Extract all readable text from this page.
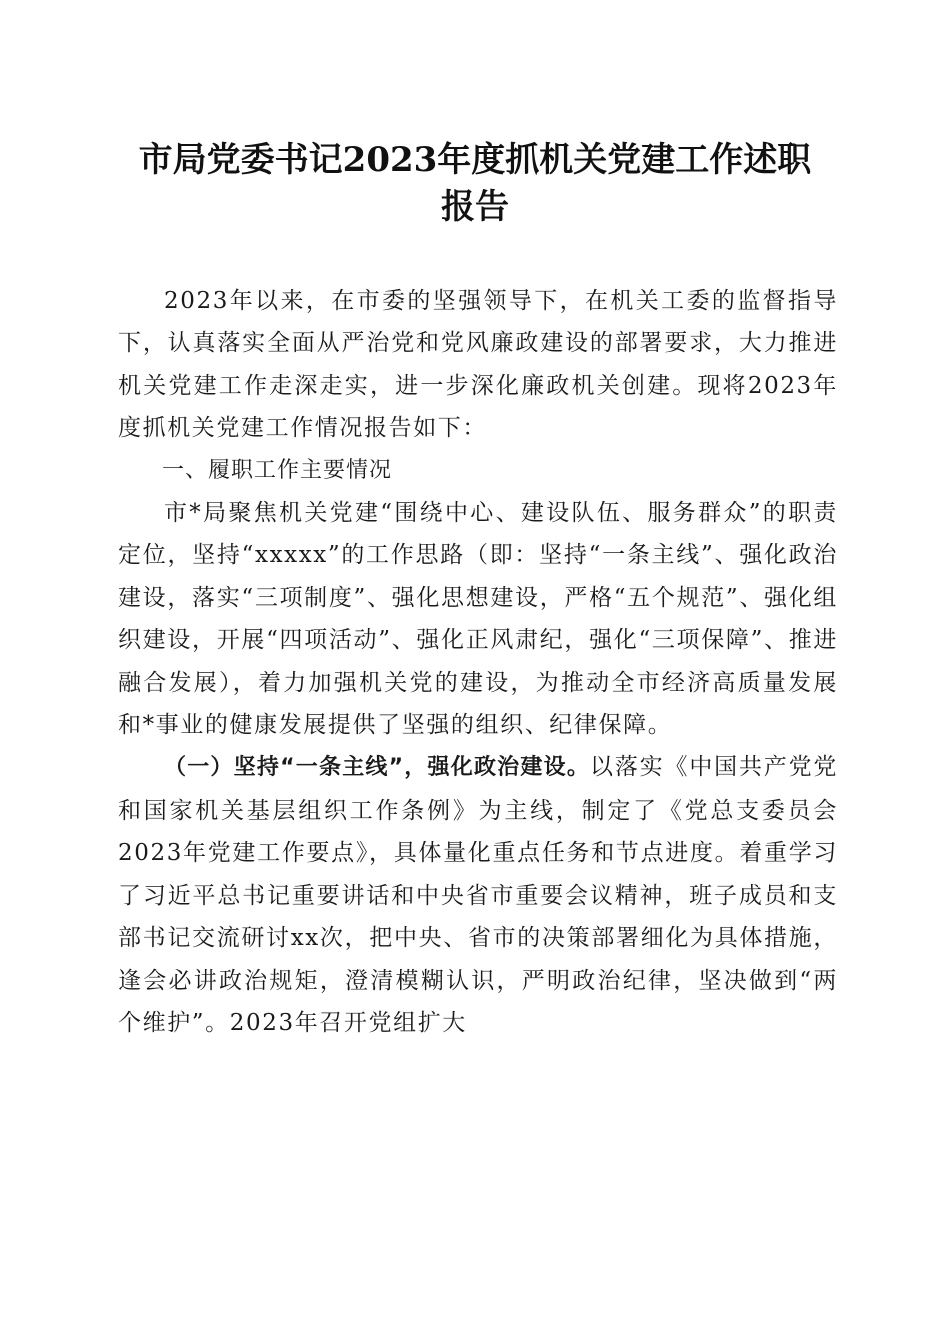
市局党委书记2023年度抓机关党建工作述职
报告

2023年以来，在市委的坚强领导下，在机关工委的监督指导下，认真落实全面从严治党和党风廉政建设的部署要求，大力推进机关党建工作走深走实，进一步深化廉政机关创建。现将2023年度抓机关党建工作情况报告如下：

一、履职工作主要情况

市*局聚焦机关党建“围绕中心、建设队伍、服务群众”的职责定位，坚持“xxxxx”的工作思路（即：坚持“一条主线”、强化政治建设，落实“三项制度”、强化思想建设，严格“五个规范”、强化组织建设，开展“四项活动”、强化正风肃纪，强化“三项保障”、推进融合发展），着力加强机关党的建设，为推动全市经济高质量发展和*事业的健康发展提供了坚强的组织、纪律保障。

（一）坚持“一条主线”，强化政治建设。以落实《中国共产党党和国家机关基层组织工作条例》为主线，制定了《党总支委员会2023年党建工作要点》，具体量化重点任务和节点进度。着重学习了习近平总书记重要讲话和中央省市重要会议精神，班子成员和支部书记交流研讨xx次，把中央、省市的决策部署细化为具体措施，逢会必讲政治规矩，澄清模糊认识，严明政治纪律，坚决做到“两个维护”。2023年召开党组扩大
